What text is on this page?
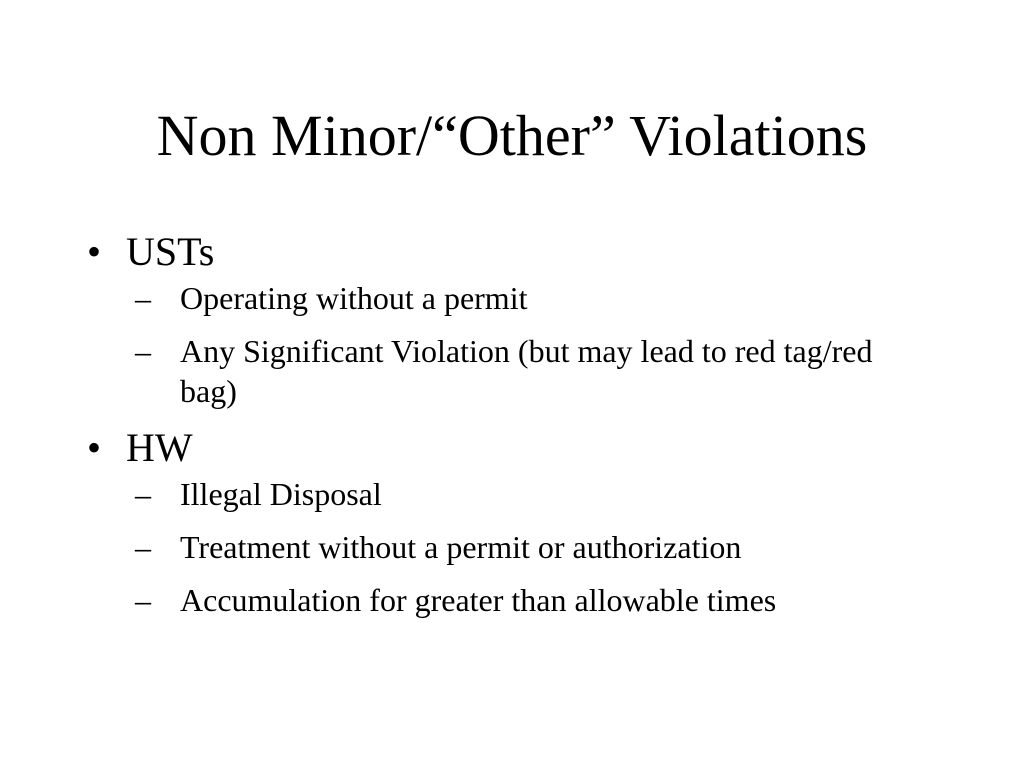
Non Minor/“Other” Violations
• USTs
– Operating without a permit
– Any Significant Violation (but may lead to red tag/red bag)
• HW
– Illegal Disposal
– Treatment without a permit or authorization
– Accumulation for greater than allowable times
